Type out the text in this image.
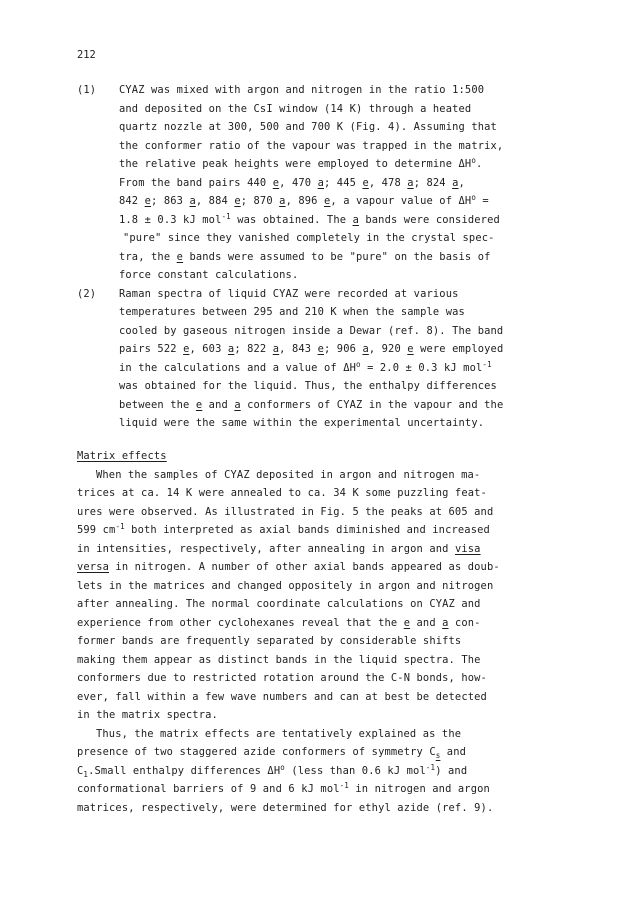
212
(1) CYAZ was mixed with argon and nitrogen in the ratio 1:500
and deposited on the CsI window (14 K) through a heated
quartz nozzle at 300, 500 and 700 K (Fig. 4). Assuming that
the conformer ratio of the vapour was trapped in the matrix,
the relative peak heights were employed to determine $\Delta H^o$.
From the band pairs 440 e, 470 a; 445 e, 478 a; 824 a,
842 e; 863 a, 884 e; 870 a, 896 e, a vapour value of $\Delta H^o$ =
1.8 ± 0.3 kJ mol$^{-1}$ was obtained. The a bands were considered
"pure" since they vanished completely in the crystal spec-
tra, the e bands were assumed to be "pure" on the basis of
force constant calculations.
(2) Raman spectra of liquid CYAZ were recorded at various
temperatures between 295 and 210 K when the sample was
cooled by gaseous nitrogen inside a Dewar (ref. 8). The band
pairs 522 e, 603 a; 822 a, 843 e; 906 a, 920 e were employed
in the calculations and a value of $\Delta H^o = 2.0 \pm 0.3$ kJ mol$^{-1}$
was obtained for the liquid. Thus, the enthalpy differences
between the e and a conformers of CYAZ in the vapour and the
liquid were the same within the experimental uncertainty.
Matrix effects
When the samples of CYAZ deposited in argon and nitrogen ma-
trices at ca. 14 K were annealed to ca. 34 K some puzzling feat-
ures were observed. As illustrated in Fig. 5 the peaks at 605 and
599 $cm^{-1}$ both interpreted as axial bands diminished and increased
in intensities, respectively, after annealing in argon and visa
versa in nitrogen. A number of other axial bands appeared as doub-
lets in the matrices and changed oppositely in argon and nitrogen
after annealing. The normal coordinate calculations on CYAZ and
experience from other cyclohexanes reveal that the e and a con-
former bands are frequently separated by considerable shifts
making them appear as distinct bands in the liquid spectra. The
conformers due to restricted rotation around the C-N bonds, how-
ever, fall within a few wave numbers and can at best be detected
in the matrix spectra.
Thus, the matrix effects are tentatively explained as the
presence of two staggered azide conformers of symmetry $C_s$ and
$C_1.Small$ enthalpy differences $\Delta H^o$ (less than 0.6 kJ mol$^{-1}$) and
conformational barriers of 9 and 6 kJ mol$^{-1}$ in nitrogen and argon
matrices, respectively, were determined for ethyl azide (ref. 9).
